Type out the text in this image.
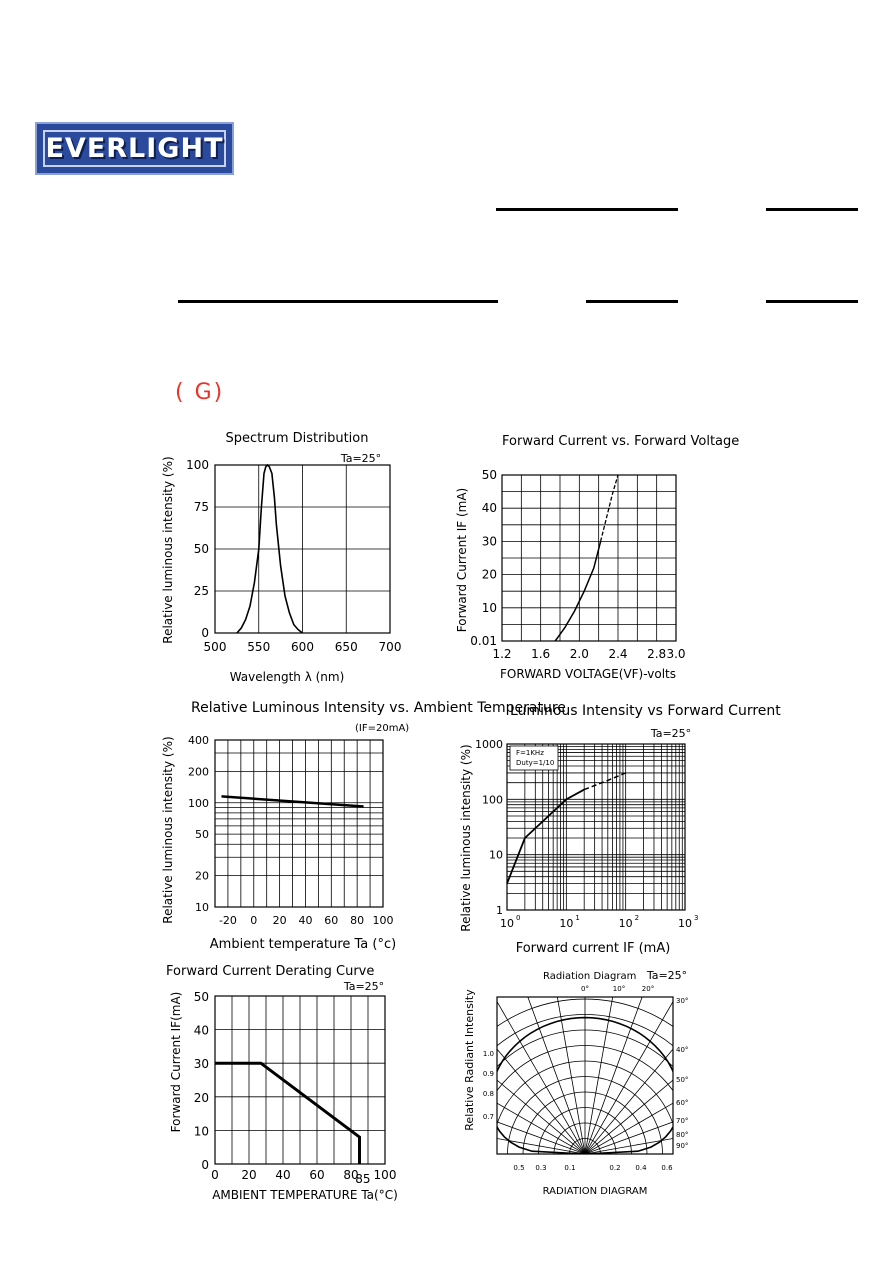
EVERLIGHT
( G)
Spectrum Distribution
Ta=25°
Wavelength λ (nm)
Relative luminous intensity (%)
500 550 600 650 700
0
25
50
75
100
Forward Current vs. Forward Voltage
FORWARD VOLTAGE(VF)-volts
Forward Current IF (mA)
1.2 1.6 2.0 2.4 2.8 3.0
0.01
10
20
30
40
50
Relative Luminous Intensity vs. Ambient Temperature
(IF=20mA)
Ambient temperature Ta (°c)
Relative luminous intensity (%)	-20 0 20 40 60 80 100
10
20
50
100
200
400
Luminous Intensity vs Forward Current
Ta=25°
Forward current IF (mA)
Relative luminous intensity (%) 10 0	10 1	10 2	10 3
1
10
100
1000
F=1KHz
Duty=1/10
Forward Current Derating Curve
Ta=25°
AMBIENT TEMPERATURE Ta(°C)
Forward Current IF(mA)
0 20 40 60 80 100
0
10
20
30
40
50
85
Radiation Diagram Ta=25°
RADIATION DIAGRAM
Relative Radiant Intensity
0°	10° 20°
30°
40°
50°
60°
70°
80°
90°
1.0
0.9
0.8
0.7
0.5 0.3	0.1	0.2 0.4 0.6
